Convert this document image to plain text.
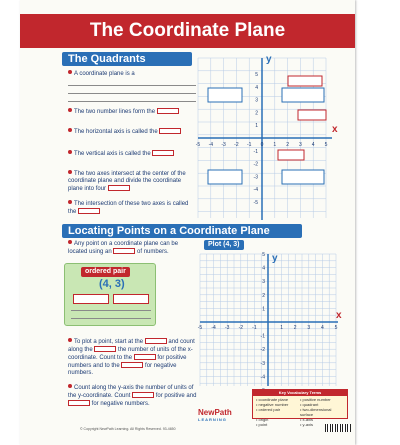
The Coordinate Plane
The Quadrants
A coordinate plane is a
The two number lines form the
The horizontal axis is called the
The vertical axis is called the
The two axes intersect at the center of the coordinate plane and divide the coordinate plane into four
The intersection of these two axes is called the
x
y
-5 -4 -3 -2 -1 0 1 2 3 4 5
5
4
3
2
1
-1
-2
-3
-4
-5
Locating Points on a Coordinate Plane
Any point on a coordinate plane can be located using an	of numbers.
ordered pair
(4, 3)
To plot a point, start at the	and count along the	the number of units of the x-coordinate. Count to the	for positive numbers and to the	for negative numbers.
Count along the y-axis the number of units of the y-coordinate. Count	for positive and  for negative numbers.
Plot (4, 3)
x
y
-5 -4 -3 -2 -1	1 2 3 4 5
5
4
3
2
1
-1
-2
-3
-4
Key Vocabulary Terms
• coordinate plane	• positive number
• negative number	• quadrant
• ordered pair	• two-dimensional surface
• origin	• x-axis
• point	• y-axis
NewPath
LEARNING
© Copyright NewPath Learning. All Rights Reserved. 93-4650
